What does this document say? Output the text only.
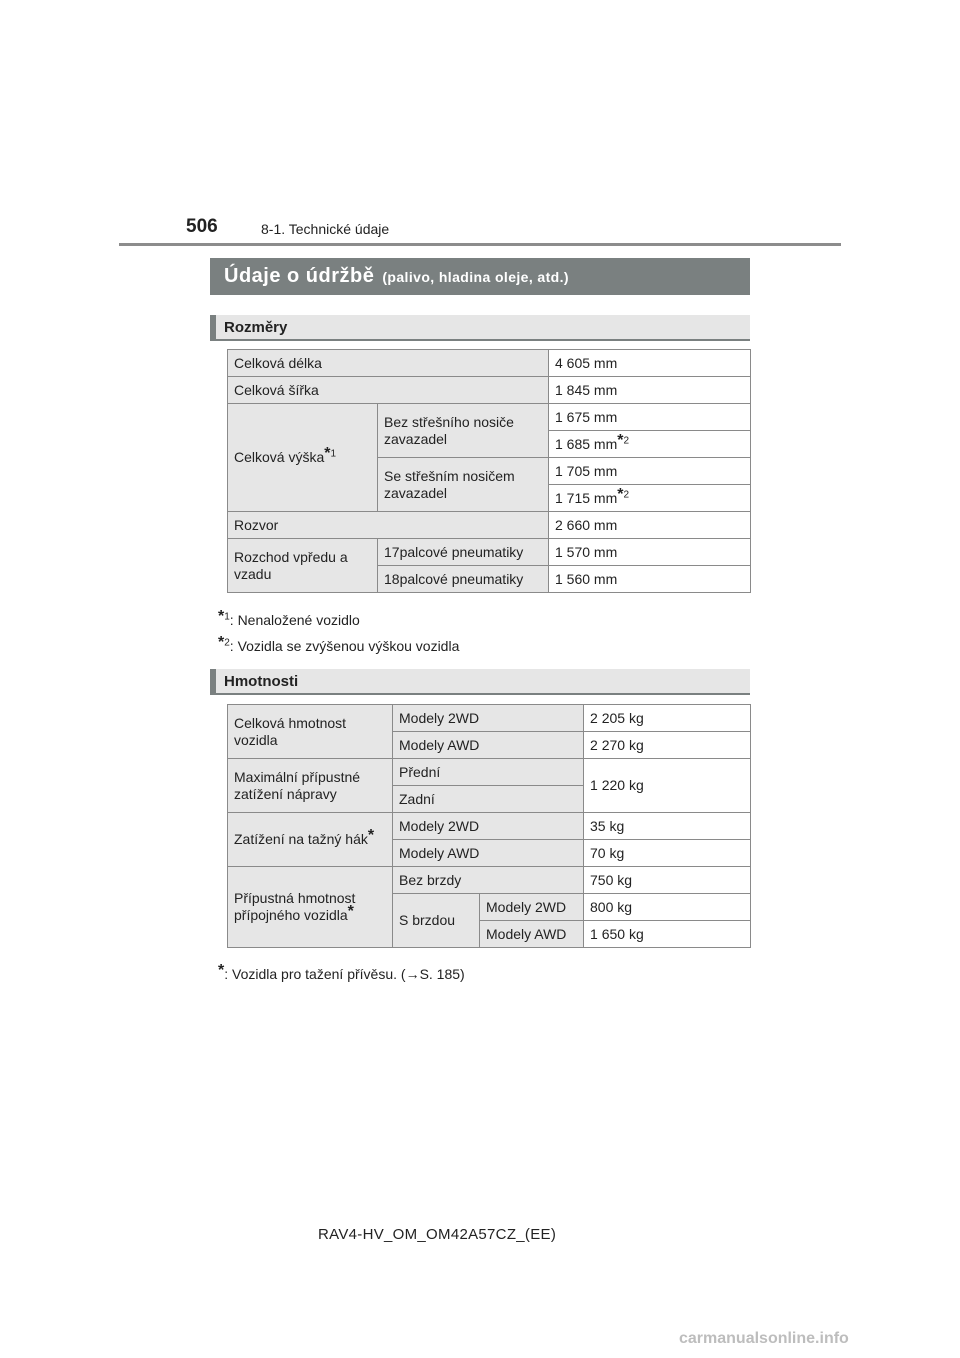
506	8-1. Technické údaje
Údaje o údržbě (palivo, hladina oleje, atd.)
Rozměry
Celková délka		4 605 mm
Celková šířka		1 845 mm
Celková výška*$^1$	Bez střešního nosiče zavazadel	1 675 mm
		1 685 mm*$^2$
	Se střešním nosičem zavazadel	1 705 mm
		1 715 mm*$^2$
Rozvor		2 660 mm
Rozchod vpředu a vzadu	17palcové pneumatiky	1 570 mm
	18palcové pneumatiky	1 560 mm
*$^1$: Nenaložené vozidlo
*$^2$: Vozidla se zvýšenou výškou vozidla
Hmotnosti
Celková hmotnost vozidla	Modely 2WD		2 205 kg
	Modely AWD		2 270 kg
Maximální přípustné zatížení nápravy	Přední		1 220 kg
	Zadní		
Zatížení na tažný hák*	Modely 2WD		35 kg
	Modely AWD		70 kg
Přípustná hmotnost přípojného vozidla*	Bez brzdy		750 kg
	S brzdou	Modely 2WD	800 kg
		Modely AWD	1 650 kg
*: Vozidla pro tažení přívěsu. (→S. 185)
RAV4-HV_OM_OM42A57CZ_(EE)
carmanualsonline.info
